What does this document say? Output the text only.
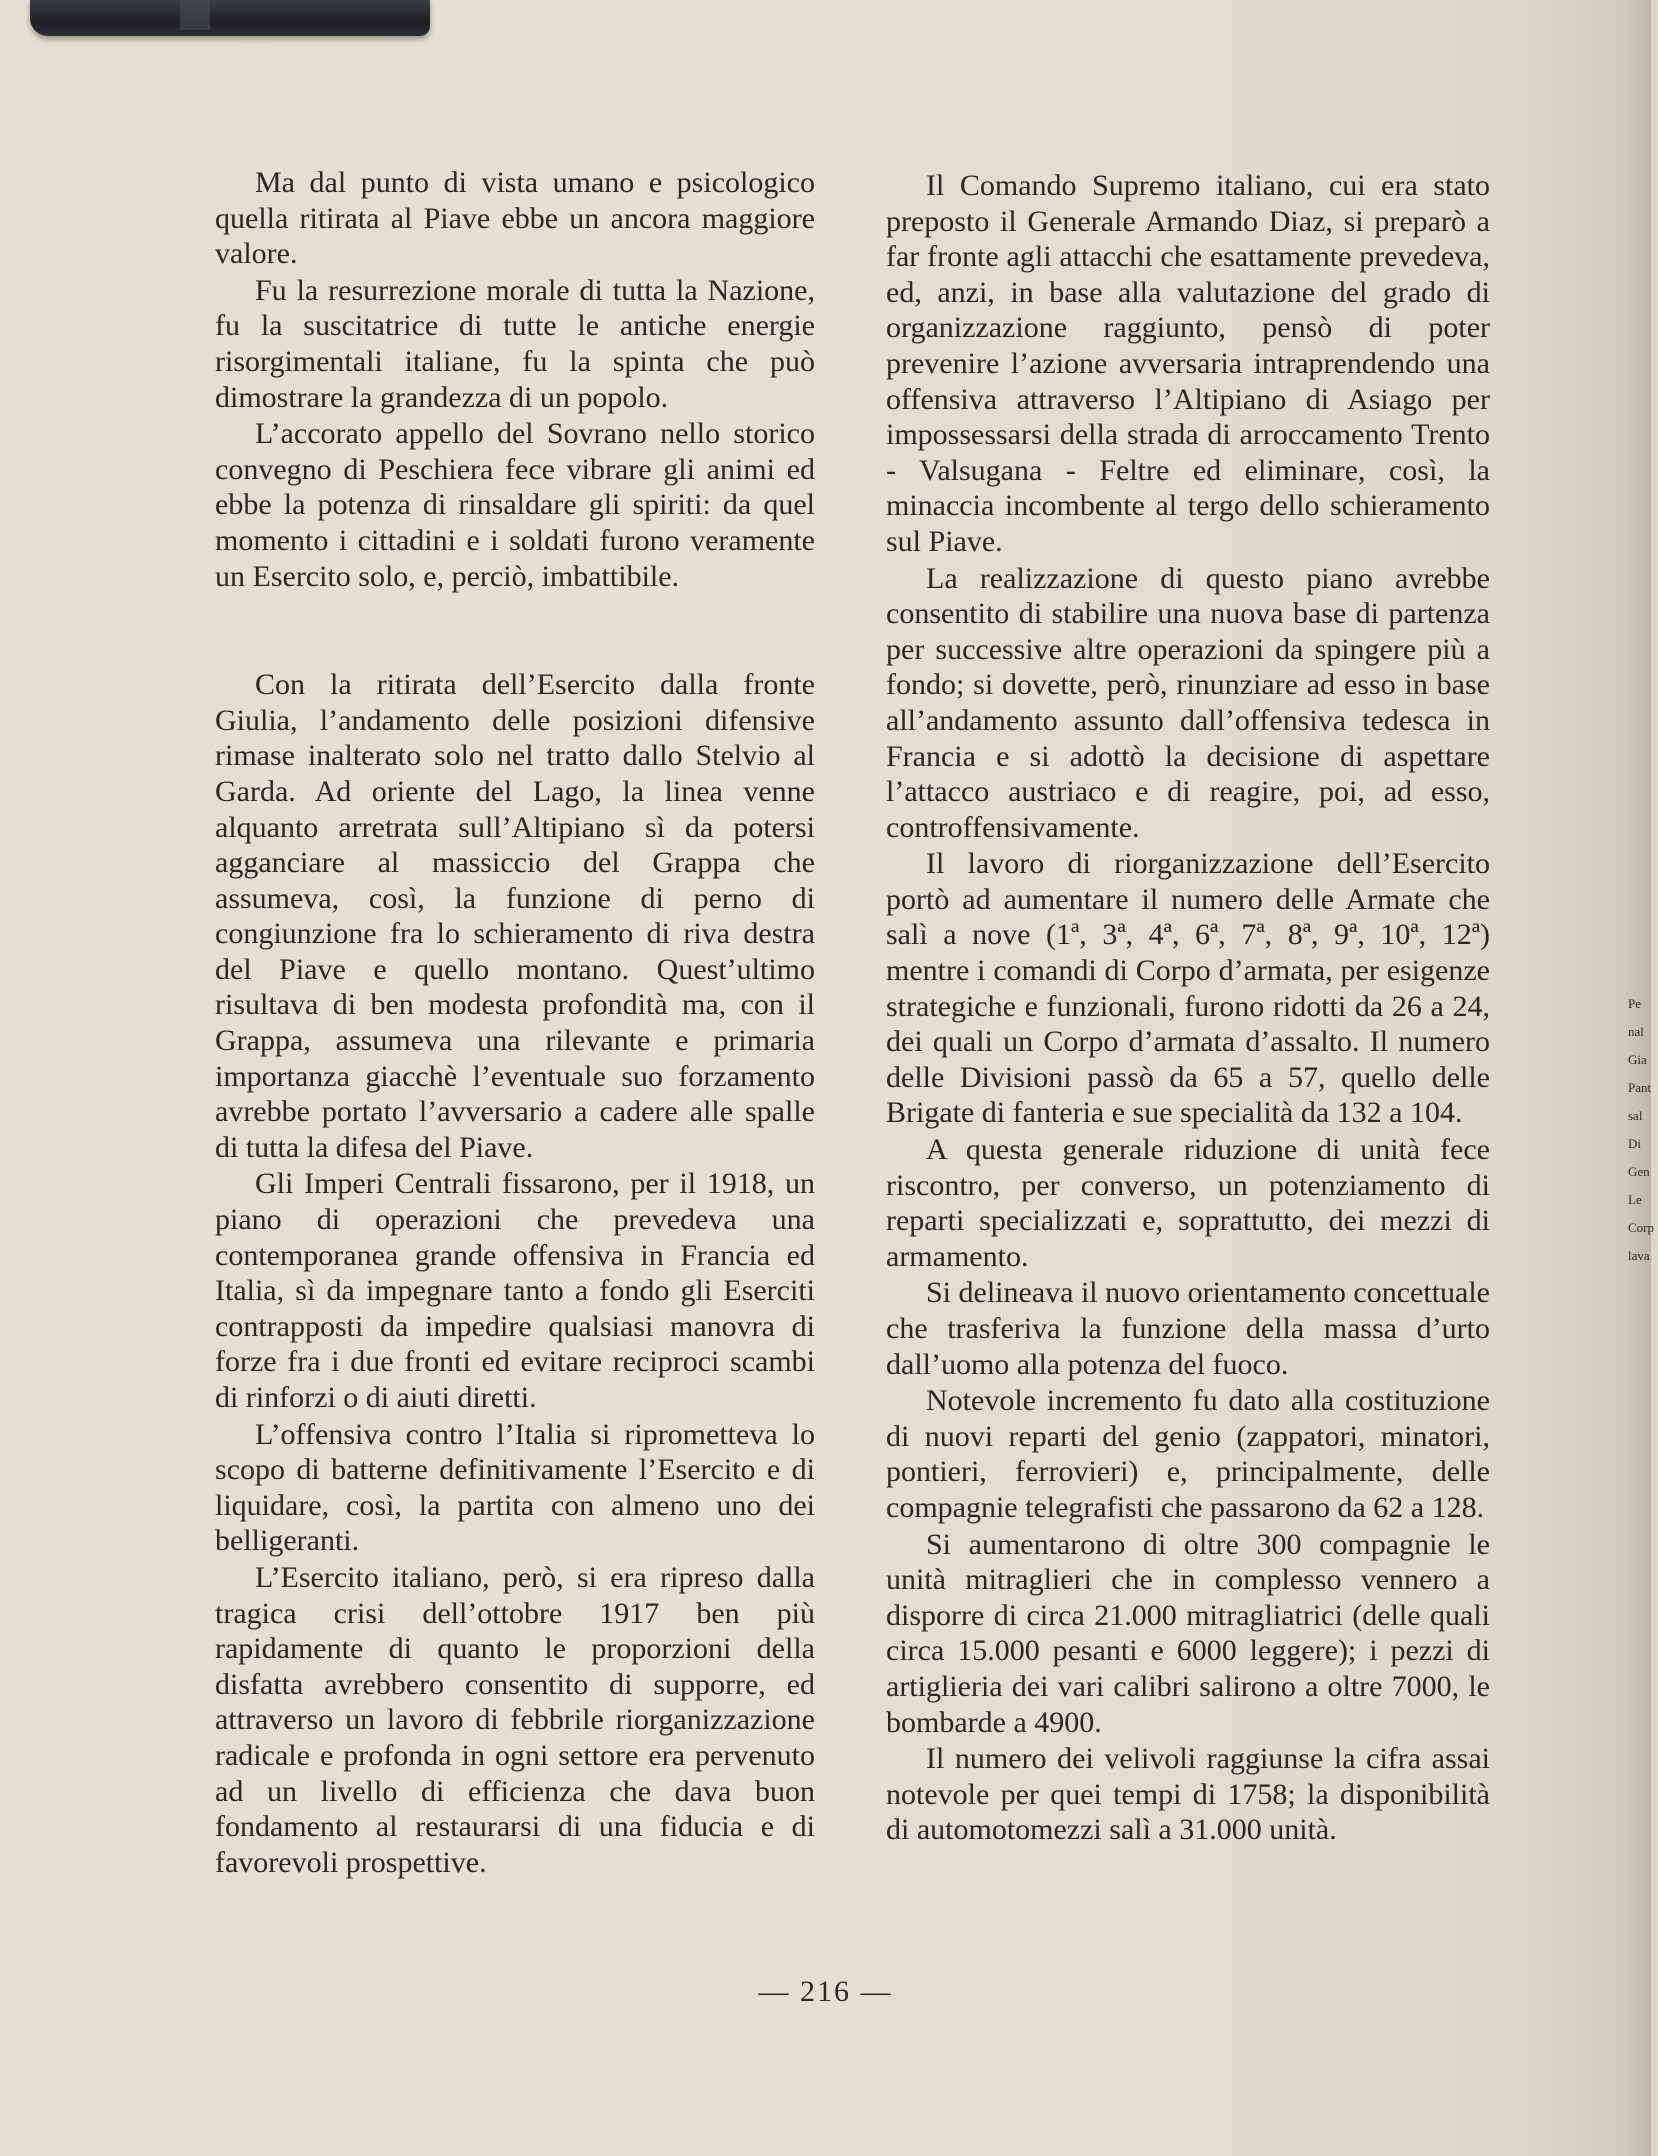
Ma dal punto di vista umano e psicologico quella ritirata al Piave ebbe un ancora maggiore valore.

Fu la resurrezione morale di tutta la Nazione, fu la suscitatrice di tutte le antiche energie risorgimentali italiane, fu la spinta che può dimostrare la grandezza di un popolo.

L’accorato appello del Sovrano nello storico convegno di Peschiera fece vibrare gli animi ed ebbe la potenza di rinsaldare gli spiriti: da quel momento i cittadini e i soldati furono veramente un Esercito solo, e, perciò, imbattibile.

Con la ritirata dell’Esercito dalla fronte Giulia, l’andamento delle posizioni difensive rimase inalterato solo nel tratto dallo Stelvio al Garda. Ad oriente del Lago, la linea venne alquanto arretrata sull’Altipiano sì da potersi agganciare al massiccio del Grappa che assumeva, così, la funzione di perno di congiunzione fra lo schieramento di riva destra del Piave e quello montano. Quest’ultimo risultava di ben modesta profondità ma, con il Grappa, assumeva una rilevante e primaria importanza giacchè l’eventuale suo forzamento avrebbe portato l’avversario a cadere alle spalle di tutta la difesa del Piave.

Gli Imperi Centrali fissarono, per il 1918, un piano di operazioni che prevedeva una contemporanea grande offensiva in Francia ed Italia, sì da impegnare tanto a fondo gli Eserciti contrapposti da impedire qualsiasi manovra di forze fra i due fronti ed evitare reciproci scambi di rinforzi o di aiuti diretti.

L’offensiva contro l’Italia si riprometteva lo scopo di batterne definitivamente l’Esercito e di liquidare, così, la partita con almeno uno dei belligeranti.

L’Esercito italiano, però, si era ripreso dalla tragica crisi dell’ottobre 1917 ben più rapidamente di quanto le proporzioni della disfatta avrebbero consentito di supporre, ed attraverso un lavoro di febbrile riorganizzazione radicale e profonda in ogni settore era pervenuto ad un livello di efficienza che dava buon fondamento al restaurarsi di una fiducia e di favorevoli prospettive.

Il Comando Supremo italiano, cui era stato preposto il Generale Armando Diaz, si preparò a far fronte agli attacchi che esattamente prevedeva, ed, anzi, in base alla valutazione del grado di organizzazione raggiunto, pensò di poter prevenire l’azione avversaria intraprendendo una offensiva attraverso l’Altipiano di Asiago per impossessarsi della strada di arroccamento Trento - Valsugana - Feltre ed eliminare, così, la minaccia incombente al tergo dello schieramento sul Piave.

La realizzazione di questo piano avrebbe consentito di stabilire una nuova base di partenza per successive altre operazioni da spingere più a fondo; si dovette, però, rinunziare ad esso in base all’andamento assunto dall’offensiva tedesca in Francia e si adottò la decisione di aspettare l’attacco austriaco e di reagire, poi, ad esso, controffensivamente.

Il lavoro di riorganizzazione dell’Esercito portò ad aumentare il numero delle Armate che salì a nove (1ª, 3ª, 4ª, 6ª, 7ª, 8ª, 9ª, 10ª, 12ª) mentre i comandi di Corpo d’armata, per esigenze strategiche e funzionali, furono ridotti da 26 a 24, dei quali un Corpo d’armata d’assalto. Il numero delle Divisioni passò da 65 a 57, quello delle Brigate di fanteria e sue specialità da 132 a 104.

A questa generale riduzione di unità fece riscontro, per converso, un potenziamento di reparti specializzati e, soprattutto, dei mezzi di armamento.

Si delineava il nuovo orientamento concettuale che trasferiva la funzione della massa d’urto dall’uomo alla potenza del fuoco.

Notevole incremento fu dato alla costituzione di nuovi reparti del genio (zappatori, minatori, pontieri, ferrovieri) e, principalmente, delle compagnie telegrafisti che passarono da 62 a 128.

Si aumentarono di oltre 300 compagnie le unità mitraglieri che in complesso vennero a disporre di circa 21.000 mitragliatrici (delle quali circa 15.000 pesanti e 6000 leggere); i pezzi di artiglieria dei vari calibri salirono a oltre 7000, le bombarde a 4900.

Il numero dei velivoli raggiunse la cifra assai notevole per quei tempi di 1758; la disponibilità di automotomezzi salì a 31.000 unità.

— 216 —
Pe
nal
Gia
Pant
sal
Di
Gen
Le
Corp
lava
